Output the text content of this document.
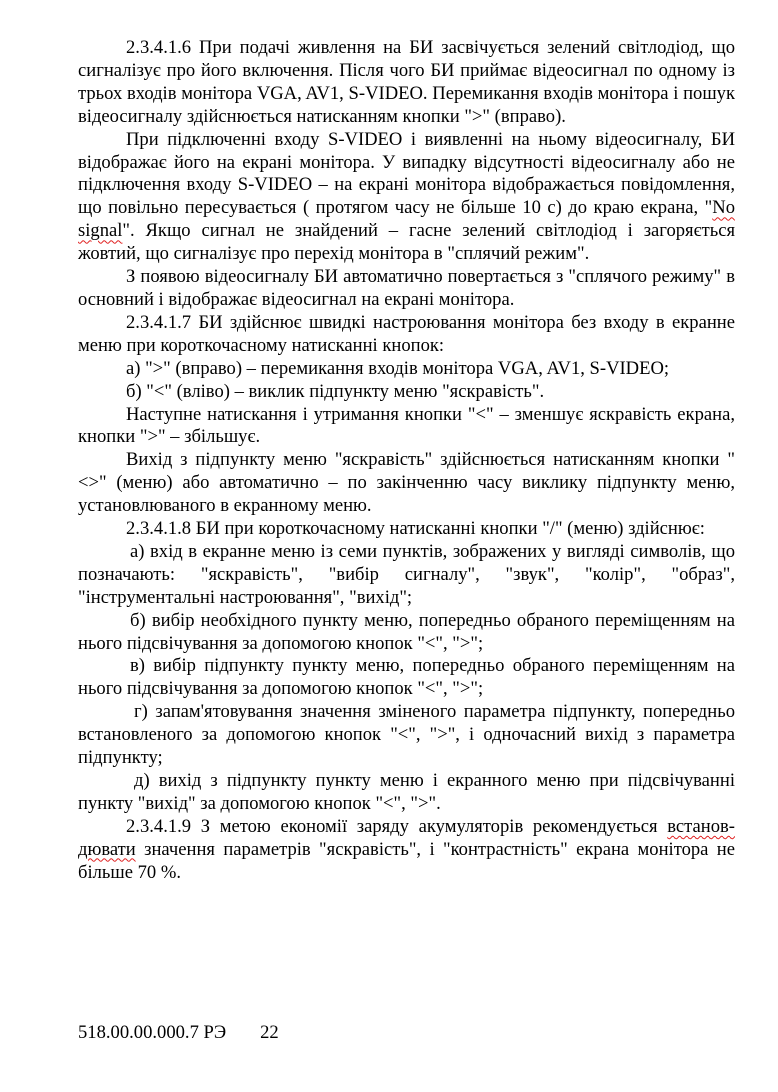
2.3.4.1.6 При подачі живлення на БИ засвічується зелений світлодіод, що сигналізує про його включення. Після чого БИ приймає відеосигнал по одному із трьох входів монітора VGA, AV1, S-VIDEO. Перемикання входів монітора і пошук відеосигналу здійснюється натисканням кнопки ">" (вправо).

При підключенні входу S-VIDEO і виявленні на ньому відеосигналу, БИ відображає його на екрані монітора. У випадку відсутності відеосигналу або не підключення входу S-VIDEO – на екрані монітора відображається повідомлення, що повільно пересувається ( протягом часу не більше 10 с) до краю екрана, "No signal". Якщо сигнал не знайдений – гасне зелений світлодіод і загоряється жовтий, що сигналізує про перехід монітора в "сплячий режим".

З появою відеосигналу БИ автоматично повертається з "сплячого режиму" в основний і відображає відеосигнал на екрані монітора.

2.3.4.1.7 БИ здійснює швидкі настроювання монітора без входу в екранне меню при короткочасному натисканні кнопок:

а) ">" (вправо) – перемикання входів монітора VGA, AV1, S-VIDEO;

б) "<" (вліво) – виклик підпункту меню "яскравість".

Наступне натискання і утримання кнопки "<" – зменшує яскравість екрана, кнопки ">" – збільшує.

Вихід з підпункту меню "яскравість" здійснюється натисканням кнопки "<>" (меню) або автоматично – по закінченню часу виклику підпункту меню, установлюваного в екранному меню.

2.3.4.1.8 БИ при короткочасному натисканні кнопки "/" (меню) здійснює:

а) вхід в екранне меню із семи пунктів, зображених у вигляді символів, що позначають: "яскравість", "вибір сигналу", "звук", "колір", "образ", "інструментальні настроювання", "вихід";

б) вибір необхідного пункту меню, попередньо обраного переміщенням на нього підсвічування за допомогою кнопок "<", ">";

в) вибір підпункту пункту меню, попередньо обраного переміщенням на нього підсвічування за допомогою кнопок "<", ">";

г) запам'ятовування значення зміненого параметра підпункту, попередньо встановленого за допомогою кнопок "<", ">", і одночасний вихід з параметра підпункту;

д) вихід з підпункту пункту меню і екранного меню при підсвічуванні пункту "вихід" за допомогою кнопок "<", ">".

2.3.4.1.9 З метою економії заряду акумуляторів рекомендується встанов- дювати значення параметрів "яскравість", і "контрастність" екрана монітора не більше 70 %.

518.00.00.000.7 РЭ 22
